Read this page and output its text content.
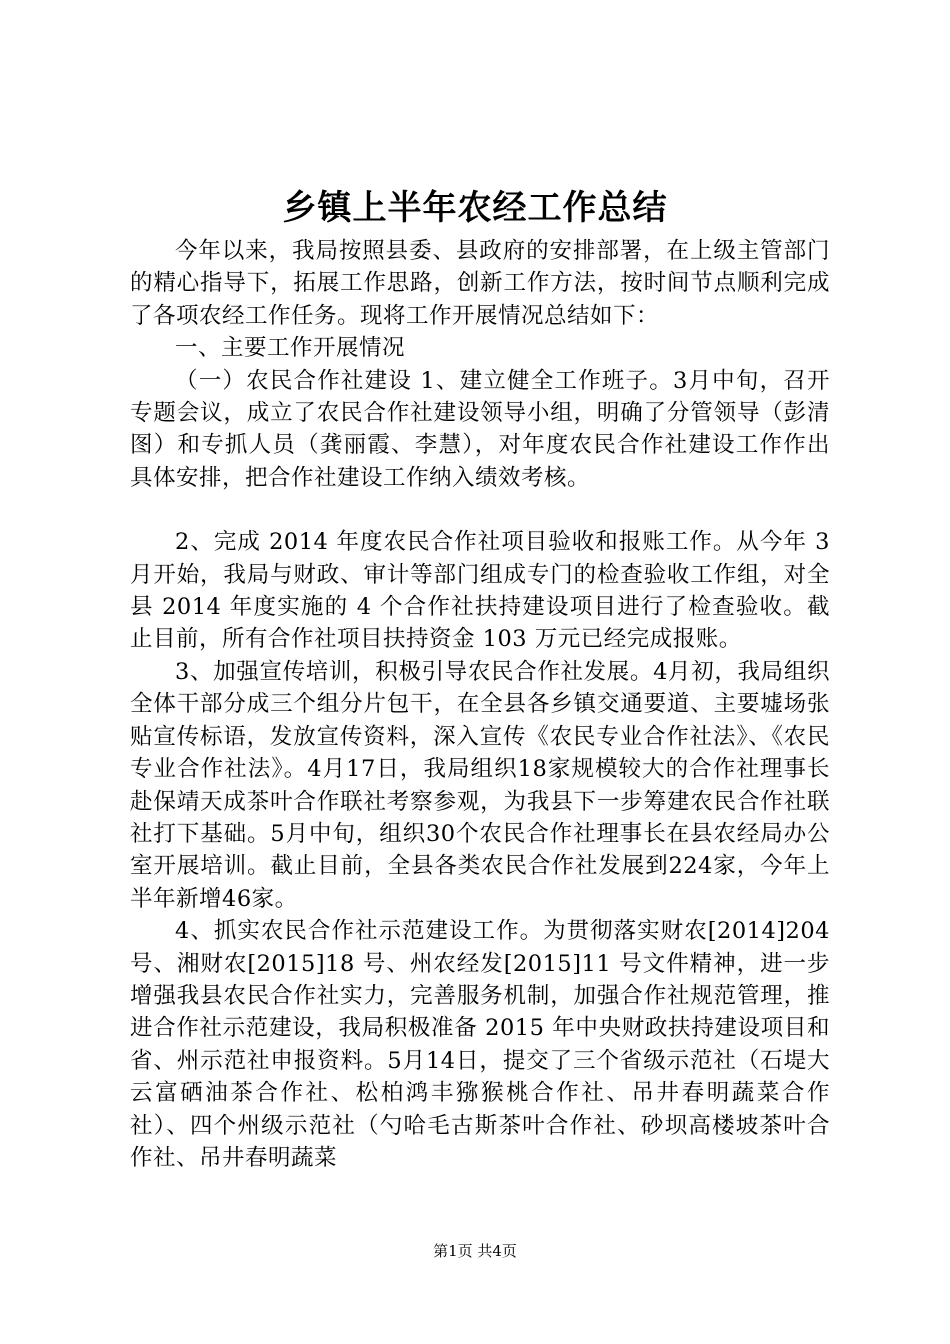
乡镇上半年农经工作总结

今年以来，我局按照县委、县政府的安排部署，在上级主管部门的精心指导下，拓展工作思路，创新工作方法，按时间节点顺利完成了各项农经工作任务。现将工作开展情况总结如下：

一、主要工作开展情况

（一）农民合作社建设 1、建立健全工作班子。3月中旬，召开专题会议，成立了农民合作社建设领导小组，明确了分管领导（彭清图）和专抓人员（龚丽霞、李慧），对年度农民合作社建设工作作出具体安排，把合作社建设工作纳入绩效考核。

2、完成 2014 年度农民合作社项目验收和报账工作。从今年 3 月开始，我局与财政、审计等部门组成专门的检查验收工作组，对全县 2014 年度实施的 4 个合作社扶持建设项目进行了检查验收。截止目前，所有合作社项目扶持资金 103 万元已经完成报账。

3、加强宣传培训，积极引导农民合作社发展。4月初，我局组织全体干部分成三个组分片包干，在全县各乡镇交通要道、主要墟场张贴宣传标语，发放宣传资料，深入宣传《农民专业合作社法》、《农民专业合作社法》。4月17日，我局组织18家规模较大的合作社理事长赴保靖天成茶叶合作联社考察参观，为我县下一步筹建农民合作社联社打下基础。5月中旬，组织30个农民合作社理事长在县农经局办公室开展培训。截止目前，全县各类农民合作社发展到224家，今年上半年新增46家。

4、抓实农民合作社示范建设工作。为贯彻落实财农[2014]204 号、湘财农[2015]18 号、州农经发[2015]11 号文件精神，进一步增强我县农民合作社实力，完善服务机制，加强合作社规范管理，推进合作社示范建设，我局积极准备 2015 年中央财政扶持建设项目和省、州示范社申报资料。5月14日，提交了三个省级示范社（石堤大云富硒油茶合作社、松柏鸿丰猕猴桃合作社、吊井春明蔬菜合作社）、四个州级示范社（勺哈毛古斯茶叶合作社、砂坝高楼坡茶叶合作社、吊井春明蔬菜

第1页 共4页
